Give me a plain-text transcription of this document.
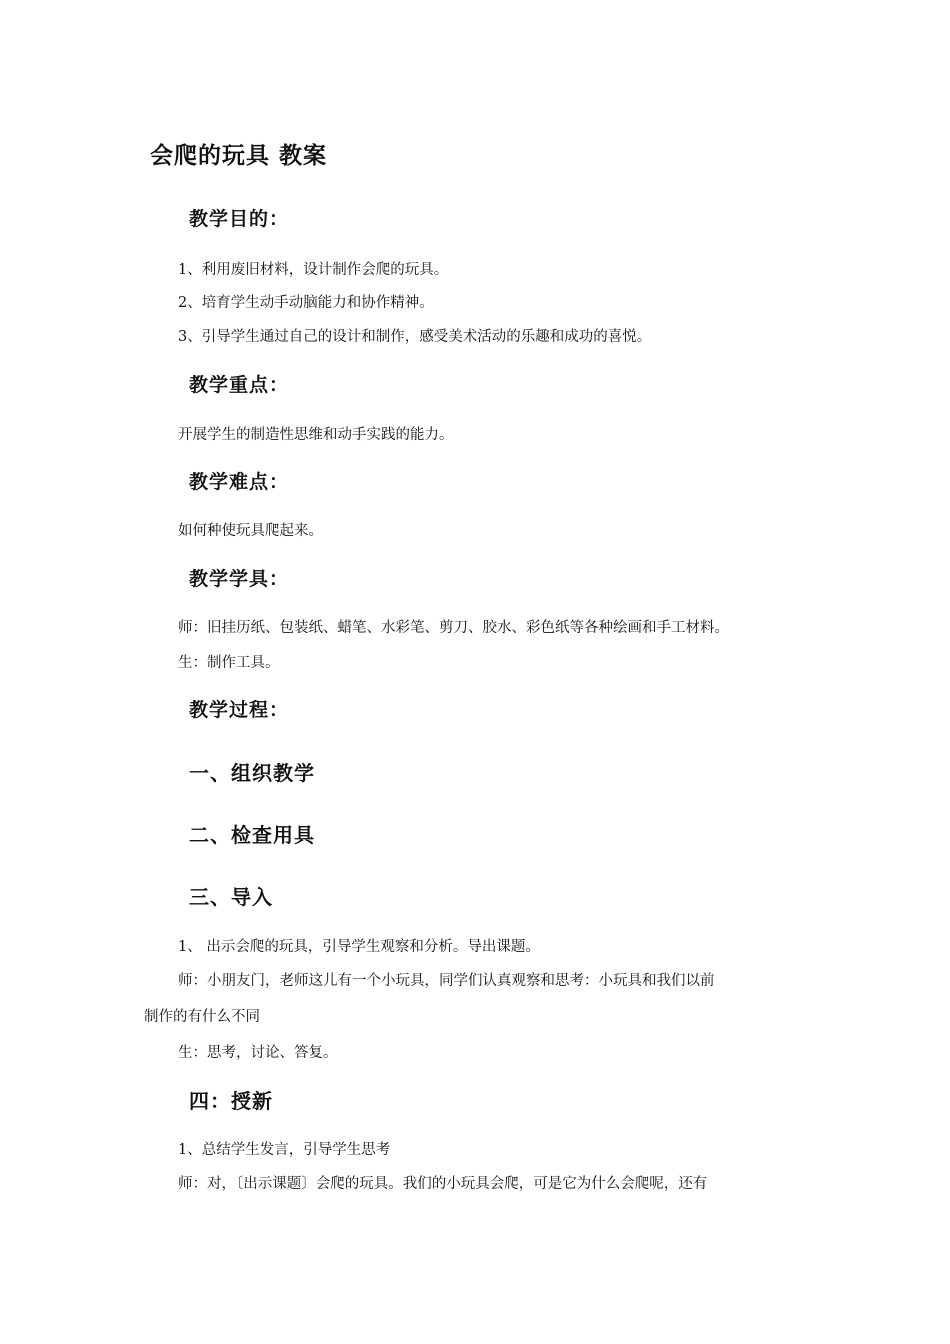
会爬的玩具 教案
教学目的：
1、利用废旧材料，设计制作会爬的玩具。
2、培育学生动手动脑能力和协作精神。
3、引导学生通过自己的设计和制作，感受美术活动的乐趣和成功的喜悦。
教学重点：
开展学生的制造性思维和动手实践的能力。
教学难点：
如何种使玩具爬起来。
教学学具：
师：旧挂历纸、包装纸、蜡笔、水彩笔、剪刀、胶水、彩色纸等各种绘画和手工材料。
生：制作工具。
教学过程：
一、组织教学
二、检查用具
三、导入
1、 出示会爬的玩具，引导学生观察和分析。导出课题。
师：小朋友门，老师这儿有一个小玩具，同学们认真观察和思考：小玩具和我们以前
制作的有什么不同
生：思考，讨论、答复。
四：授新
1、总结学生发言，引导学生思考
师：对，〔出示课题〕会爬的玩具。我们的小玩具会爬，可是它为什么会爬呢，还有
